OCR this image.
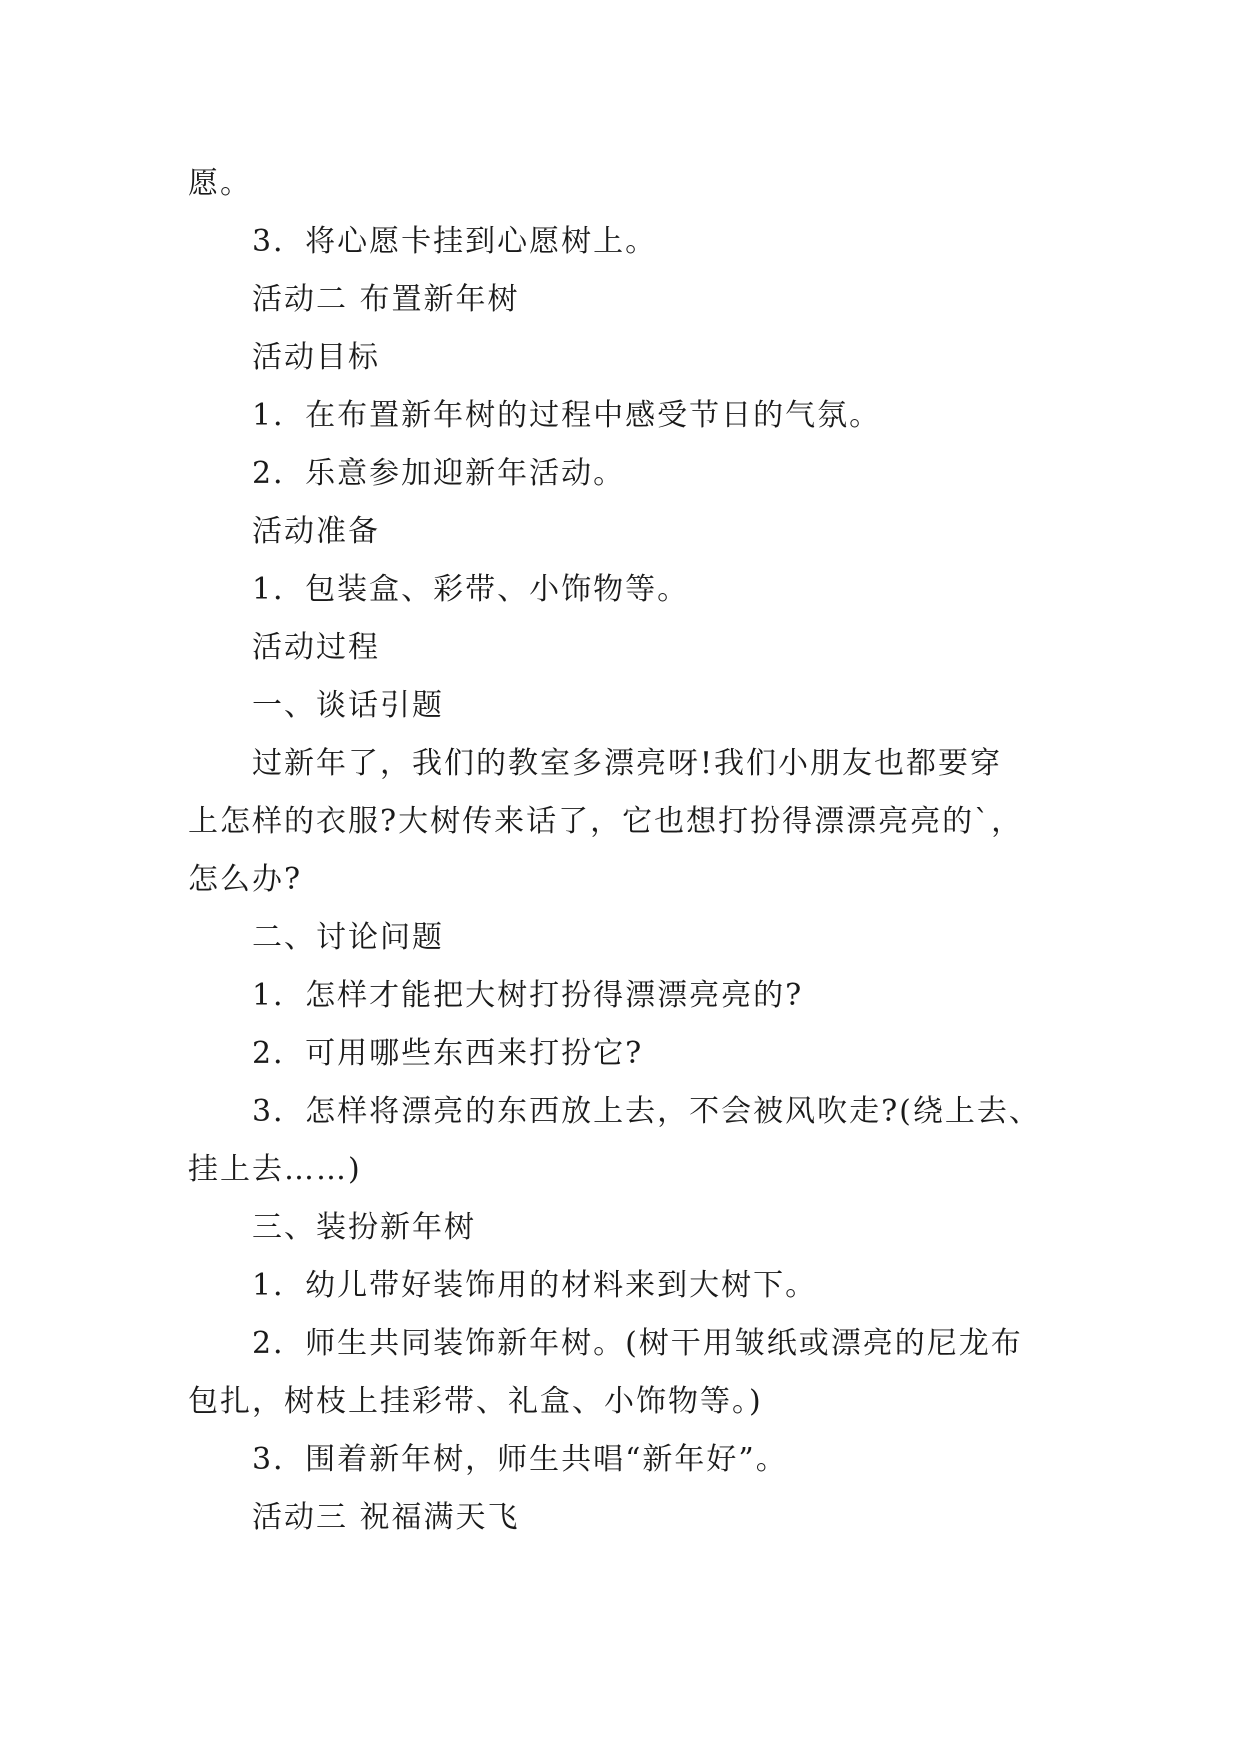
愿。
3．将心愿卡挂到心愿树上。
活动二 布置新年树
活动目标
1．在布置新年树的过程中感受节日的气氛。
2．乐意参加迎新年活动。
活动准备
1．包装盒、彩带、小饰物等。
活动过程
一、谈话引题
过新年了，我们的教室多漂亮呀!我们小朋友也都要穿
上怎样的衣服?大树传来话了，它也想打扮得漂漂亮亮的`，
怎么办?
二、讨论问题
1．怎样才能把大树打扮得漂漂亮亮的?
2．可用哪些东西来打扮它?
3．怎样将漂亮的东西放上去，不会被风吹走?(绕上去、
挂上去……)
三、装扮新年树
1．幼儿带好装饰用的材料来到大树下。
2．师生共同装饰新年树。(树干用皱纸或漂亮的尼龙布
包扎，树枝上挂彩带、礼盒、小饰物等。)
3．围着新年树，师生共唱“新年好”。
活动三 祝福满天飞
